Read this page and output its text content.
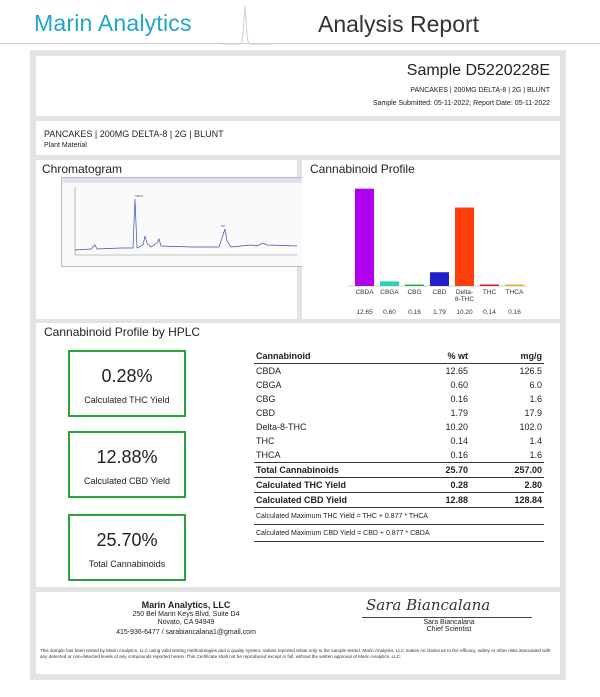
Marin Analytics	Analysis Report
Sample D5220228E
PANCAKES | 200MG DELTA-8 | 2G | BLUNT
Sample Submitted: 05-11-2022; Report Date: 05-11-2022
PANCAKES | 200MG DELTA-8 | 2G | BLUNT
Plant Material
Chromatogram
CBDa
D8
Cannabinoid Profile
CBDA
12.65
CBGA
0.60
CBG
0.16
CBD
1.79
Delta-
8-THC
10.20
THC
0.14
THCA
0.16
Cannabinoid Profile by HPLC
0.28%
Calculated THC Yield
12.88%
Calculated CBD Yield
25.70%
Total Cannabinoids
Cannabinoid	% wt	mg/g
CBDA	12.65	126.5
CBGA	0.60	6.0
CBG	0.16	1.6
CBD	1.79	17.9
Delta-8-THC	10.20	102.0
THC	0.14	1.4
THCA	0.16	1.6
Total Cannabinoids	25.70	257.00
Calculated THC Yield	0.28	2.80
Calculated CBD Yield	12.88	128.84
Calculated Maximum THC Yield = THC + 0.877 * THCA		
Calculated Maximum CBD Yield = CBD + 0.877 * CBDA		
Marin Analytics, LLC
250 Bel Marin Keys Blvd, Suite D4
Novato, CA 94949
415-936-6477 / sarabiancalana1@gmail.com
Sara Biancalana
Sara Biancalana
Chief Scientist
This sample has been tested by Marin Analytics, LLC using valid testing methodologies and a quality system. Values reported relate only to the sample tested. Marin Analytics, LLC makes no claims as to the efficacy, safety or other risks associated with any detected or non-detected levels of any compounds reported herein. This Certificate shall not be reproduced except in full, without the written approval of Marin Analytics, LLC.
